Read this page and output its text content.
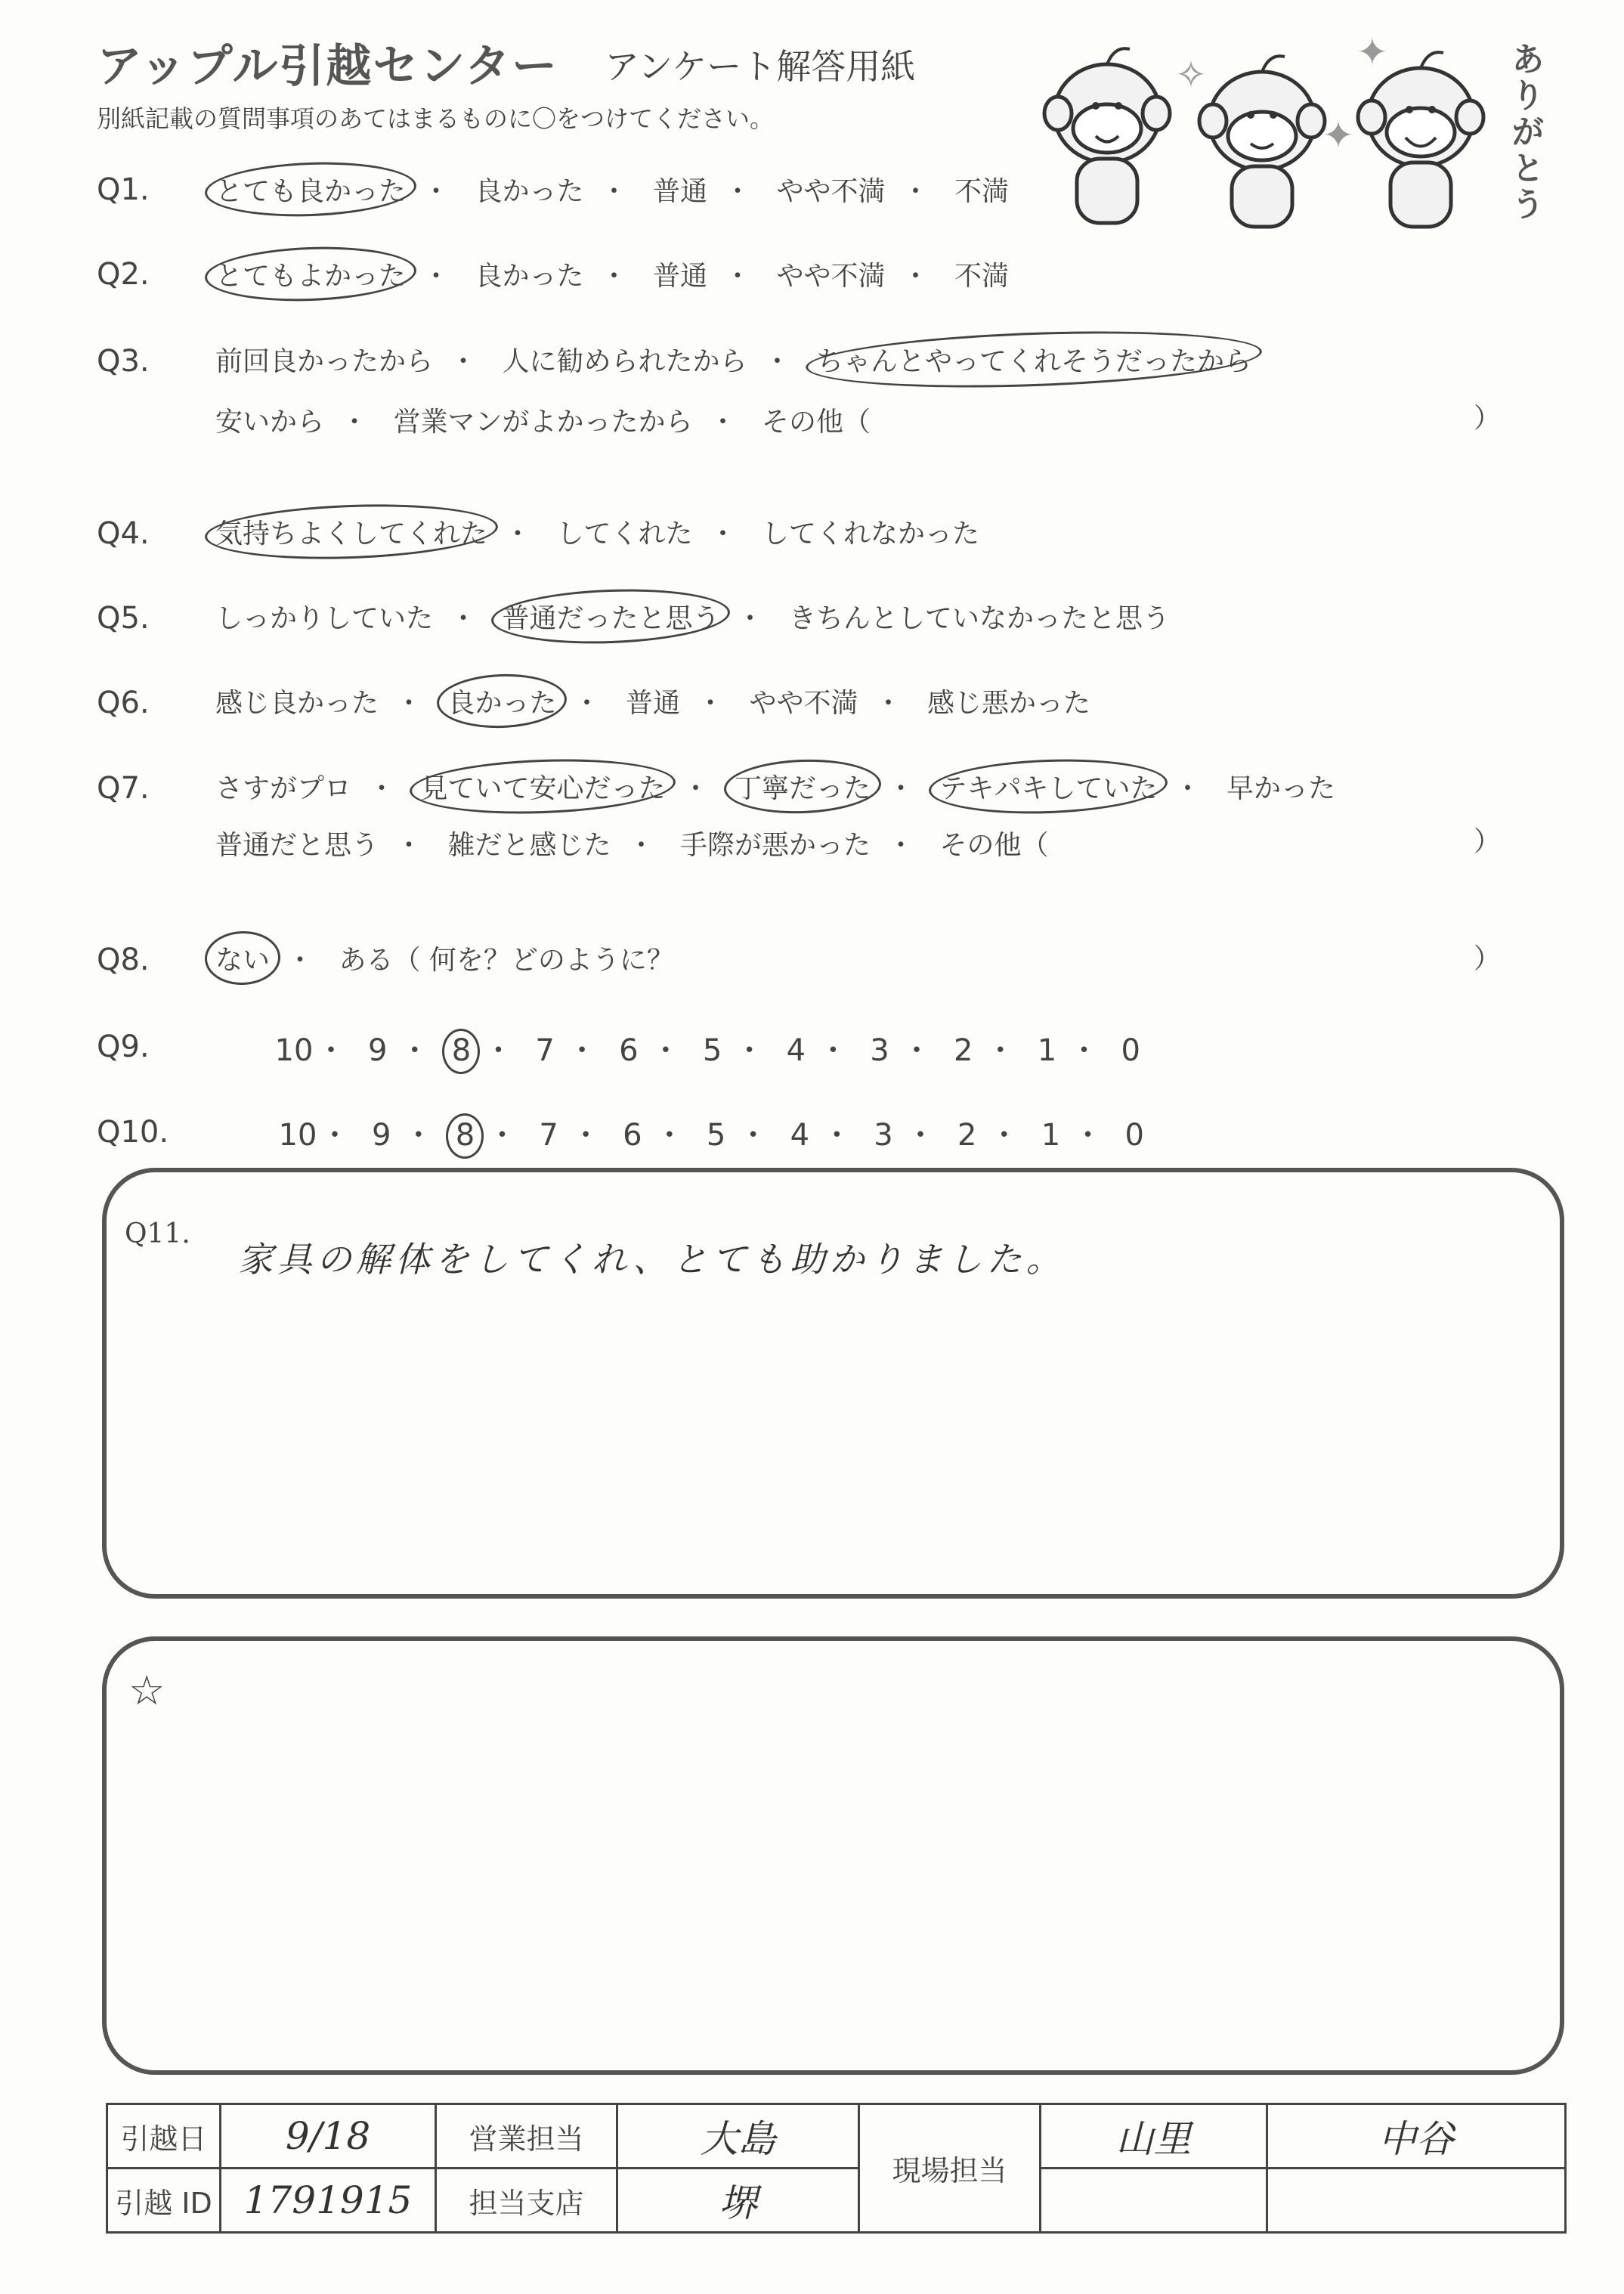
アップル引越センター アンケート解答用紙
別紙記載の質問事項のあてはまるものに〇をつけてください。
✧
✦
✦	ありがとう
Q1. とても良かった ・ 良かった ・ 普通 ・ やや不満 ・ 不満
Q2. とてもよかった ・ 良かった ・ 普通 ・ やや不満 ・ 不満
Q3. 前回良かったから ・ 人に勧められたから ・ ちゃんとやってくれそうだったから
安いから ・ 営業マンがよかったから ・ その他（	）
Q4. 気持ちよくしてくれた ・ してくれた ・ してくれなかった
Q5. しっかりしていた ・ 普通だったと思う ・ きちんとしていなかったと思う
Q6. 感じ良かった ・ 良かった ・ 普通 ・ やや不満 ・ 感じ悪かった
Q7. さすがプロ ・ 見ていて安心だった ・ 丁寧だった ・ テキパキしていた ・ 早かった
普通だと思う ・ 雑だと感じた ・ 手際が悪かった ・ その他（	）
Q8. ない ・ ある（ 何を？どのように？	）
Q9.	10・ 9 ・ 8 ・ 7 ・ 6 ・ 5 ・ 4 ・ 3 ・ 2 ・ 1 ・ 0
Q10.	10・ 9 ・ 8 ・ 7 ・ 6 ・ 5 ・ 4 ・ 3 ・ 2 ・ 1 ・ 0
Q11.
家具の解体をしてくれ、とても助かりました。
☆
引越日	9/18	営業担当	大島	現場担当	山里	中谷
引越 ID	1791915	担当支店	堺			
